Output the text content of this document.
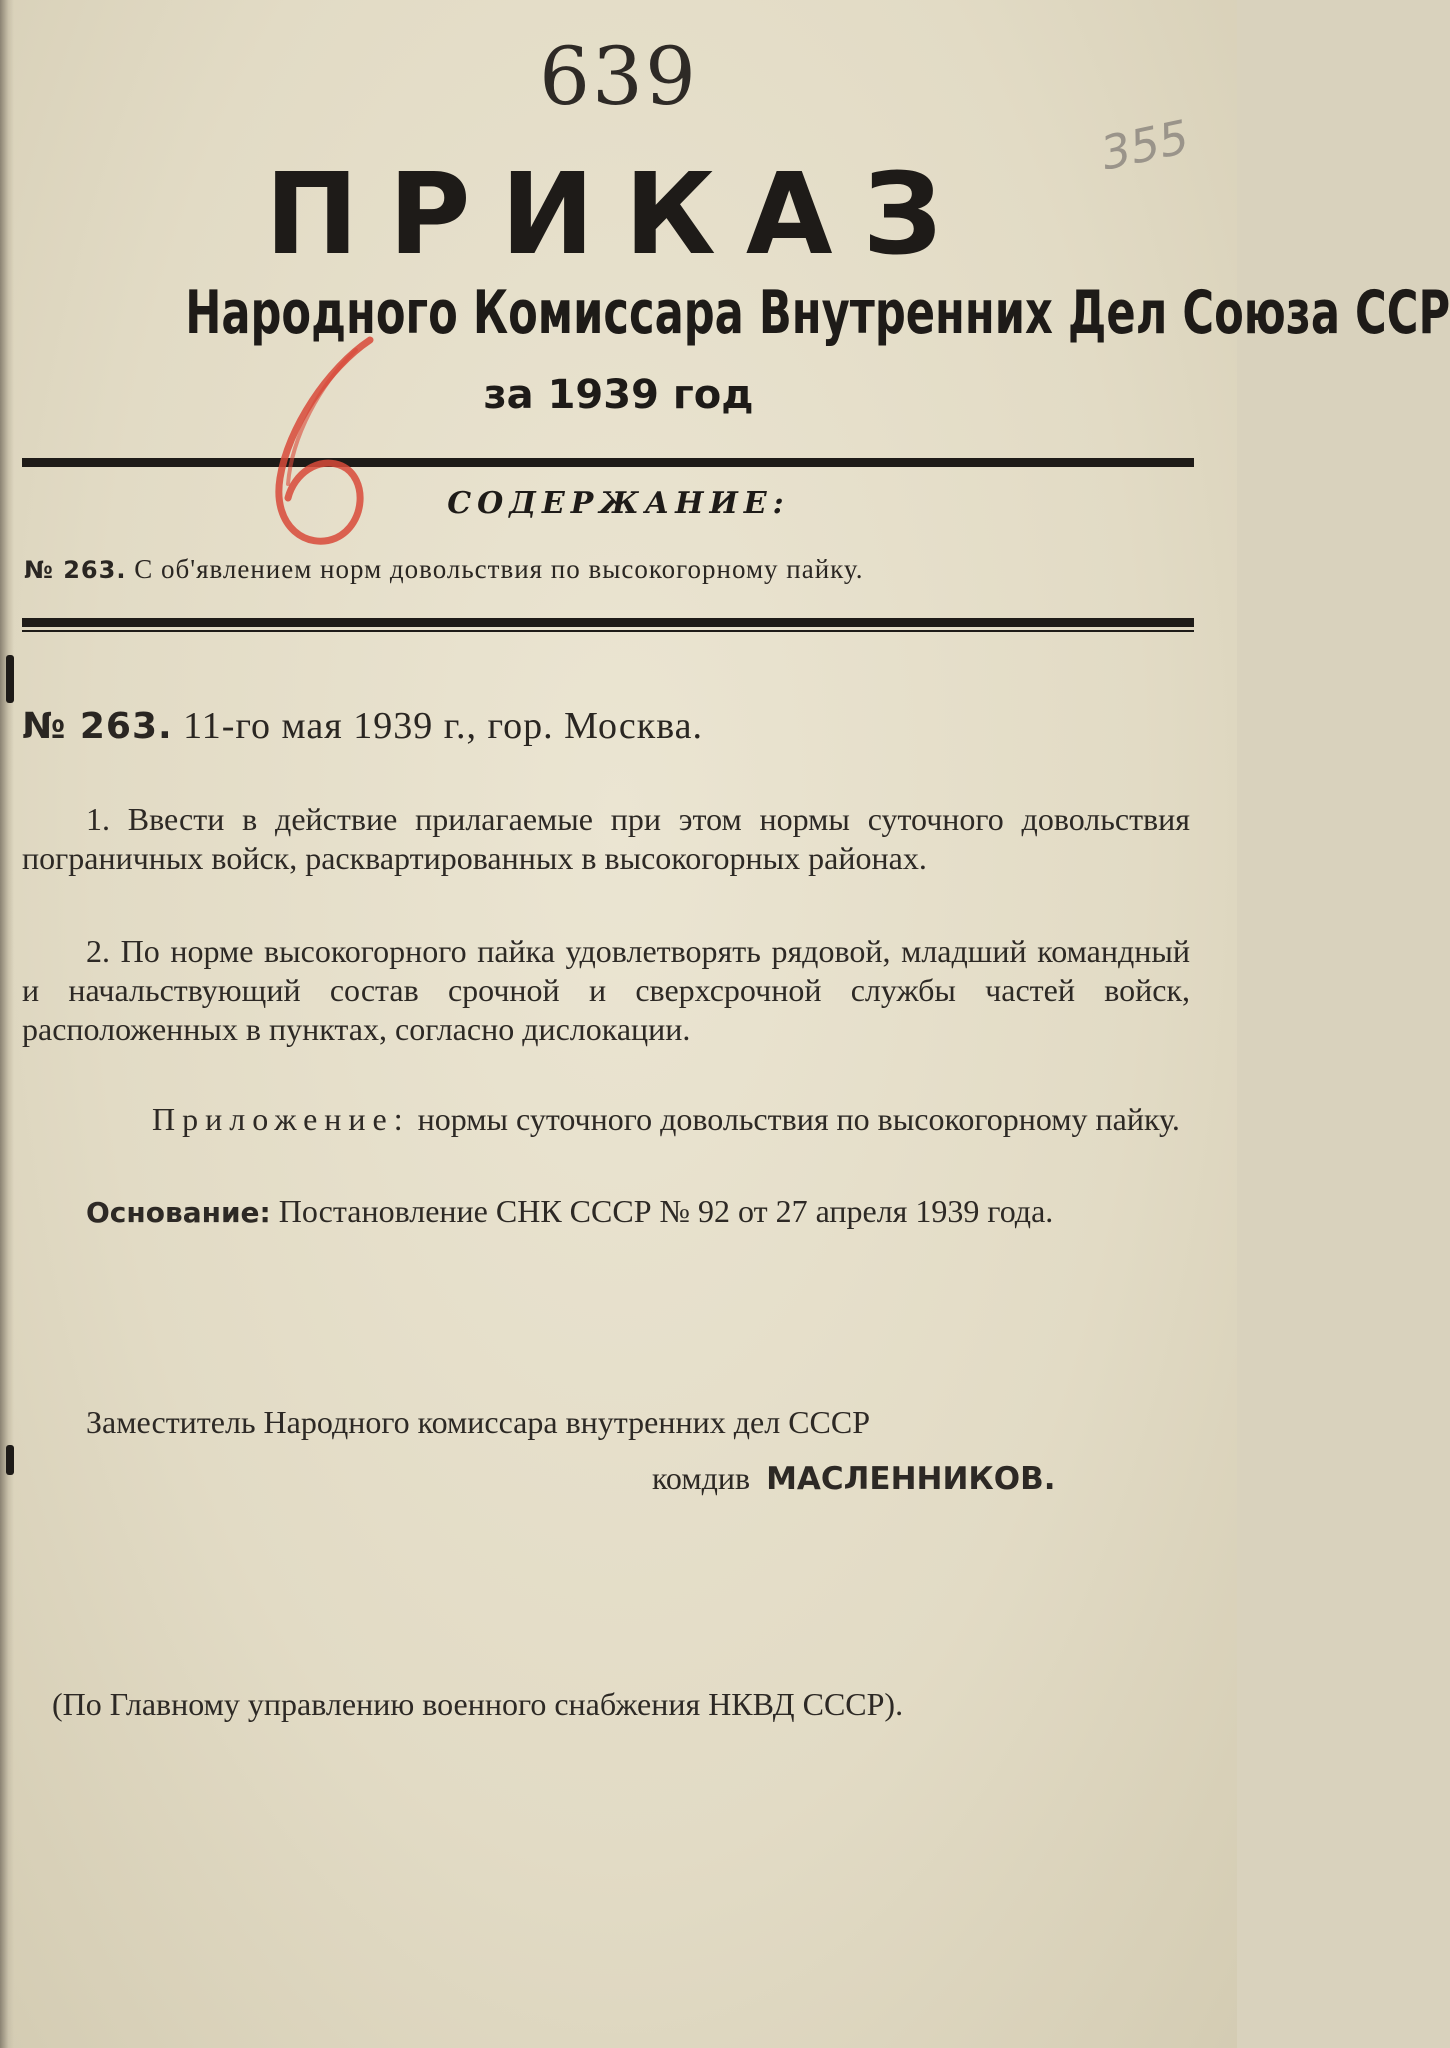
639
355
ПРИКАЗ
Народного Комиссара Внутренних Дел Союза ССР
за 1939 год
СОДЕРЖАНИЕ:
№ 263. С об'явлением норм довольствия по высокогорному пайку.
№ 263. 11-го мая 1939 г., гор. Москва.
1. Ввести в действие прилагаемые при этом нормы суточного довольствия пограничных войск, расквартированных в высокогорных районах.
2. По норме высокогорного пайка удовлетворять рядовой, младший командный и начальствующий состав срочной и сверхсрочной службы частей войск, расположенных в пунктах, согласно дислокации.
Приложение: нормы суточного довольствия по высокогорному пайку.
Основание: Постановление СНК СССР № 92 от 27 апреля 1939 года.
Заместитель Народного комиссара внутренних дел СССР
комдив МАСЛЕННИКОВ.
(По Главному управлению военного снабжения НКВД СССР).
